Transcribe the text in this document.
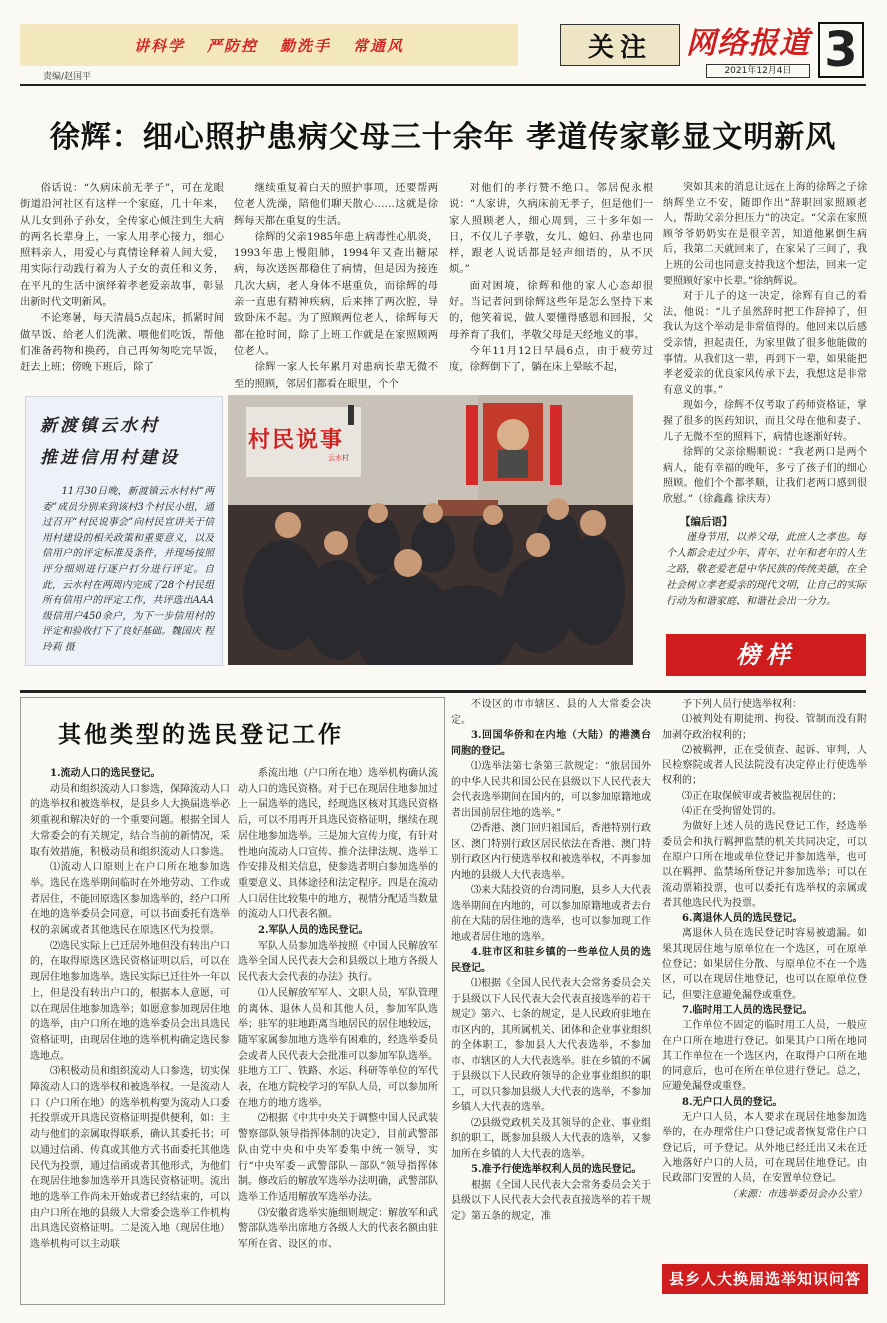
讲科学 严防控 勤洗手 常通风
责编/赵国平
关注	网络报道
2021年12月4日 3
徐辉：细心照护患病父母三十余年 孝道传家彰显文明新风

俗话说：“久病床前无孝子”，可在龙眼街道沿河社区有这样一个家庭，几十年来，从儿女到孙子孙女，全传家心倾注到生大病的两名长辈身上，一家人用孝心接力，细心照料亲人，用爱心与真情诠释着人间大爱，用实际行动践行着为人子女的责任和义务，在平凡的生活中演绎着孝老爱亲故事，彰显出新时代文明新风。

不论寒暑，每天清晨5点起床，抓紧时间做早饭、给老人们洗漱、喂他们吃饭，帮他们准备药物和换药，自己再匆匆吃完早饭，赶去上班；傍晚下班后，除了

继续重复着白天的照护事项，还要帮两位老人洗澡，陪他们聊天散心……这就是徐辉每天都在重复的生活。

徐辉的父亲1985年患上病毒性心肌炎，1993年患上慢阻肺，1994年又查出糖尿病，每次送医都稳住了病情，但是因为接连几次大病，老人身体不堪重负，而徐辉的母亲一直患有精神疾病，后来摔了两次腔，导致卧床不起。为了照顾两位老人，徐辉每天都在抢时间，除了上班工作就是在家照顾两位老人。

徐辉一家人长年累月对患病长辈无微不至的照顾，邻居们都看在眼里，个个

对他们的孝行赞不绝口。邻居倪永根说：“人家讲，久病床前无孝子，但是他们一家人照顾老人，细心周到，三十多年如一日，不仅儿子孝敬，女儿、媳妇、孙辈也同样，跟老人说话都是轻声细语的，从不厌烦。”

面对困境，徐辉和他的家人心态却很好。当记者问到徐辉这些年是怎么坚持下来的，他笑着说，做人要懂得感恩和回报，父母养育了我们，孝敬父母是天经地义的事。

今年11月12日早晨6点，由于疲劳过度，徐辉倒下了，躺在床上晕眩不起，

突如其来的消息让远在上海的徐辉之子徐纳辉坐立不安，随即作出“辞职回家照顾老人，帮助父亲分担压力”的决定。“父亲在家照顾爷爷奶奶实在是很辛苦，知道他累倒生病后，我第二天就回来了，在家呆了三间了，我上班的公司也同意支持我这个想法，回来一定要照顾好家中长辈。”徐纳辉说。

对于儿子的这一决定，徐辉有自己的看法，他说：“儿子虽然辞时把工作辞掉了，但我认为这个举动是非常值得的。他回来以后感受亲情，担起责任，为家里做了很多他能做的事情。从我们这一辈，再到下一辈，如果能把孝老爱亲的优良家风传承下去，我想这是非常有意义的事。”

现如今，徐辉不仅考取了药师资格证，掌握了很多的医药知识，而且父母在他和妻子、儿子无微不至的照料下，病情也逐渐好转。

徐辉的父亲徐赐顺说：“我老两口是两个病人，能有幸福的晚年，多亏了孩子们的细心照顾。他们个个都孝顺，让我们老两口感到很欣慰。”（徐鑫鑫 徐庆寿）

新渡镇云水村
推进信用村建设

11月30日晚，新渡镇云水村村“两委”成员分别来到该村3个村民小组，通过召开“村民说事会”向村民宣讲关于信用村建设的相关政策和重要意义，以及信用户的评定标准及条件，并现场按照评分细则进行逐户打分进行评定。自此，云水村在两周内完成了28个村民组所有信用户的评定工作，共评选出AAA级信用户450余户，为下一步信用村的评定和验收打下了良好基础。魏国庆 程玲莉 摄

村民说事
云水村
【编后语】

谨身节用，以养父母，此庶人之孝也。每个人都会走过少年、青年、壮年和老年的人生之路，敬老爱老是中华民族的传统美德，在全社会树立孝老爱亲的现代文明，让自己的实际行动为和谐家庭、和谐社会出一分力。

榜样
其他类型的选民登记工作

1.流动人口的选民登记。

动员和组织流动人口参选，保障流动人口的选举权和被选举权，是县乡人大换届选举必须重视和解决好的一个重要问题。根据全国人大常委会的有关规定，结合当前的新情况，采取有效措施，积极动员和组织流动人口参选。

⑴流动人口原则上在户口所在地参加选举。选民在选举期间临时在外地劳动、工作或者居住，不能回原选区参加选举的，经户口所在地的选举委员会同意，可以书面委托有选举权的亲属或者其他选民在原选区代为投票。

⑵选民实际上已迁居外地但没有转出户口的，在取得原选区选民资格证明以后，可以在现居住地参加选举。选民实际已迁往外一年以上，但是没有转出户口的，根据本人意愿，可以在现居住地参加选举；如愿意参加现居住地的选举，由户口所在地的选举委员会出具选民资格证明，由现居住地的选举机构确定选民参选地点。

⑶积极动员和组织流动人口参选，切实保障流动人口的选举权和被选举权。一是流动人口（户口所在地）的选举机构要为流动人口委托投票或开具选民资格证明提供便利，如：主动与他们的亲属取得联系，确认其委托书；可以通过信函、传真或其他方式书面委托其他选民代为投票，通过信函或者其他形式，为他们在现居住地参加选举开具选民资格证明。流出地的选举工作尚未开始或者已经结束的，可以由户口所在地的县级人大常委会选举工作机构出具选民资格证明。二是流入地（现居住地）选举机构可以主动联

系流出地（户口所在地）选举机构确认流动人口的选民资格。对于已在现居住地参加过上一届选举的选民，经现选区核对其选民资格后，可以不用再开具选民资格证明，继续在现居住地参加选举。三是加大宣传力度，有针对性地向流动人口宣传、推介法律法规、选举工作安排及相关信息，使参选者明白参加选举的重要意义、具体途径和法定程序。四是在流动人口居住比较集中的地方，视情分配适当数量的流动人口代表名额。

2.军队人员的选民登记。

军队人员参加选举按照《中国人民解放军选举全国人民代表大会和县级以上地方各级人民代表大会代表的办法》执行。

⑴人民解放军军人、文职人员，军队管理的离休、退休人员和其他人员，参加军队选举；驻军的驻地距离当地居民的居住地较远，随军家属参加地方选举有困难的，经选举委员会或者人民代表大会批准可以参加军队选举。驻地方工厂、铁路、水运、科研等单位的军代表，在地方院校学习的军队人员，可以参加所在地方的地方选举。

⑵根据《中共中央关于调整中国人民武装警察部队领导指挥体制的决定》，目前武警部队由党中央和中央军委集中统一领导，实行“中央军委－武警部队－部队”领导指挥体制。修改后的解放军选举办法明确，武警部队选举工作适用解放军选举办法。

⑶安徽省选举实施细则规定：解放军和武警部队选举出席地方各级人大的代表名额由驻军所在省、设区的市、

不设区的市市辖区、县的人大常委会决定。

3.回国华侨和在内地（大陆）的港澳台同胞的登记。

⑴选举法第七条第三款规定：“旅居国外的中华人民共和国公民在县级以下人民代表大会代表选举期间在国内的，可以参加原籍地或者出国前居住地的选举。”

⑵香港、澳门回归祖国后，香港特别行政区、澳门特别行政区居民依法在香港、澳门特别行政区内行使选举权和被选举权，不再参加内地的县级人大代表选举。

⑶来大陆投资的台湾同胞，县乡人大代表选举期间在内地的，可以参加原籍地或者去台前在大陆的居住地的选举，也可以参加现工作地或者居住地的选举。

4.驻市区和驻乡镇的一些单位人员的选民登记。

⑴根据《全国人民代表大会常务委员会关于县级以下人民代表大会代表直接选举的若干规定》第六、七条的规定，是人民政府驻地在市区内的，其所属机关、团体和企业事业组织的全体职工，参加县人大代表选举，不参加市、市辖区的人大代表选举。驻在乡镇的不属于县级以下人民政府领导的企业事业组织的职工，可以只参加县级人大代表的选举，不参加乡镇人大代表的选举。

⑵县级党政机关及其领导的企业、事业组织的职工，既参加县级人大代表的选举，又参加所在乡镇的人大代表的选举。

5.准予行使选举权利人员的选民登记。

根据《全国人民代表大会常务委员会关于县级以下人民代表大会代表直接选举的若干规定》第五条的规定，准

予下列人员行使选举权利：

⑴被判处有期徒刑、拘役、管制而没有附加剥夺政治权利的；

⑵被羁押，正在受侦查、起诉、审判，人民检察院或者人民法院没有决定停止行使选举权利的；

⑶正在取保候审或者被监视居住的；

⑷正在受拘留处罚的。

为做好上述人员的选民登记工作，经选举委员会和执行羁押监禁的机关共同决定，可以在原户口所在地或单位登记并参加选举，也可以在羁押、监禁场所登记并参加选举；可以在流动票箱投票，也可以委托有选举权的亲属或者其他选民代为投票。

6.离退休人员的选民登记。

离退休人员在选民登记时容易被遗漏。如果其现居住地与原单位在一个选区，可在原单位登记；如果居住分散、与原单位不在一个选区，可以在现居住地登记，也可以在原单位登记，但要注意避免漏登或重登。

7.临时用工人员的选民登记。

工作单位不固定的临时用工人员，一般应在户口所在地进行登记。如果其户口所在地同其工作单位在一个选区内，在取得户口所在地的同意后，也可在所在单位进行登记。总之，应避免漏登或重登。

8.无户口人员的登记。

无户口人员，本人要求在现居住地参加选举的，在办理常住户口登记或者恢复常住户口登记后，可予登记。从外地已经迁出又未在迁入地落好户口的人员，可在现居住地登记。由民政部门安置的人员，在安置单位登记。

（来源：市选举委员会办公室）

县乡人大换届选举知识问答
